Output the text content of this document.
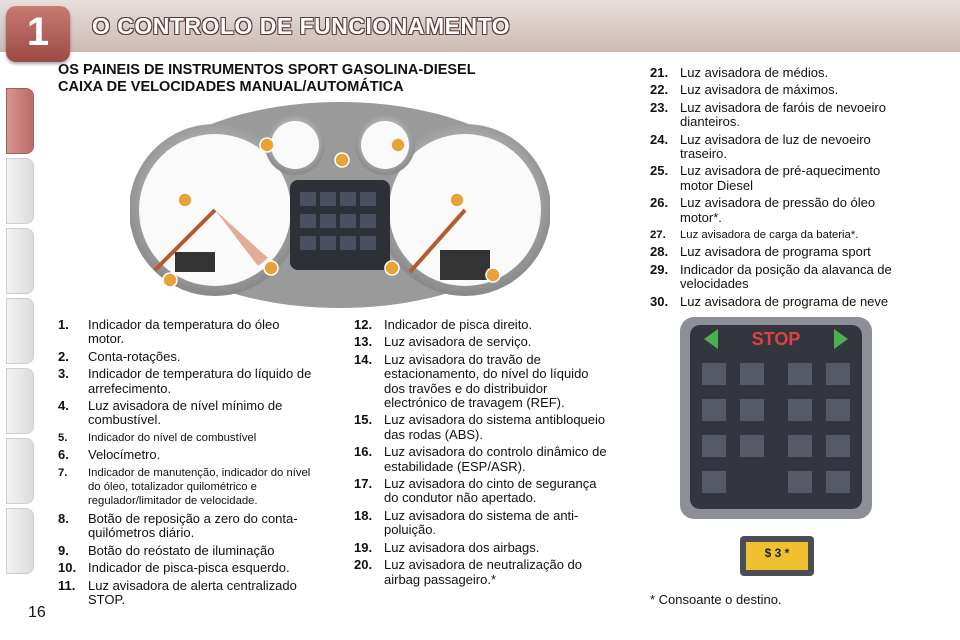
1	O CONTROLO DE FUNCIONAMENTO
OS PAINEIS DE INSTRUMENTOS SPORT GASOLINA-DIESEL
CAIXA DE VELOCIDADES MANUAL/AUTOMÁTICA
STOP
$ 3 *
1.	Indicador da temperatura do óleo motor.
2.	Conta-rotações.
3.	Indicador de temperatura do líquido de arrefecimento.
4.	Luz avisadora de nível mínimo de combustível.
5.	Indicador do nível de combustível
6.	Velocímetro.
7.	Indicador de manutenção, indicador do nível do óleo, totalizador quilométrico e regulador/limitador de velocidade.
8.	Botão de reposição a zero do conta-quilómetros diário.
9.	Botão do reóstato de iluminação
10. Indicador de pisca-pisca esquerdo.
11. Luz avisadora de alerta centralizado STOP.
12. Indicador de pisca direito.
13. Luz avisadora de serviço.
14. Luz avisadora do travão de estacionamento, do nível do líquido dos travões e do distribuidor electrónico de travagem (REF).
15. Luz avisadora do sistema antibloqueio das rodas (ABS).
16. Luz avisadora do controlo dinâmico de estabilidade (ESP/ASR).
17. Luz avisadora do cinto de segurança do condutor não apertado.
18. Luz avisadora do sistema de anti-poluição.
19. Luz avisadora dos airbags.
20. Luz avisadora de neutralização do airbag passageiro.*
21. Luz avisadora de médios.
22. Luz avisadora de máximos.
23. Luz avisadora de faróis de nevoeiro dianteiros.
24. Luz avisadora de luz de nevoeiro traseiro.
25. Luz avisadora de pré-aquecimento motor Diesel
26. Luz avisadora de pressão do óleo motor*.
27.	Luz avisadora de carga da bateria*.
28. Luz avisadora de programa sport
29. Indicador da posição da alavanca de velocidades
30. Luz avisadora de programa de neve
* Consoante o destino.
16
